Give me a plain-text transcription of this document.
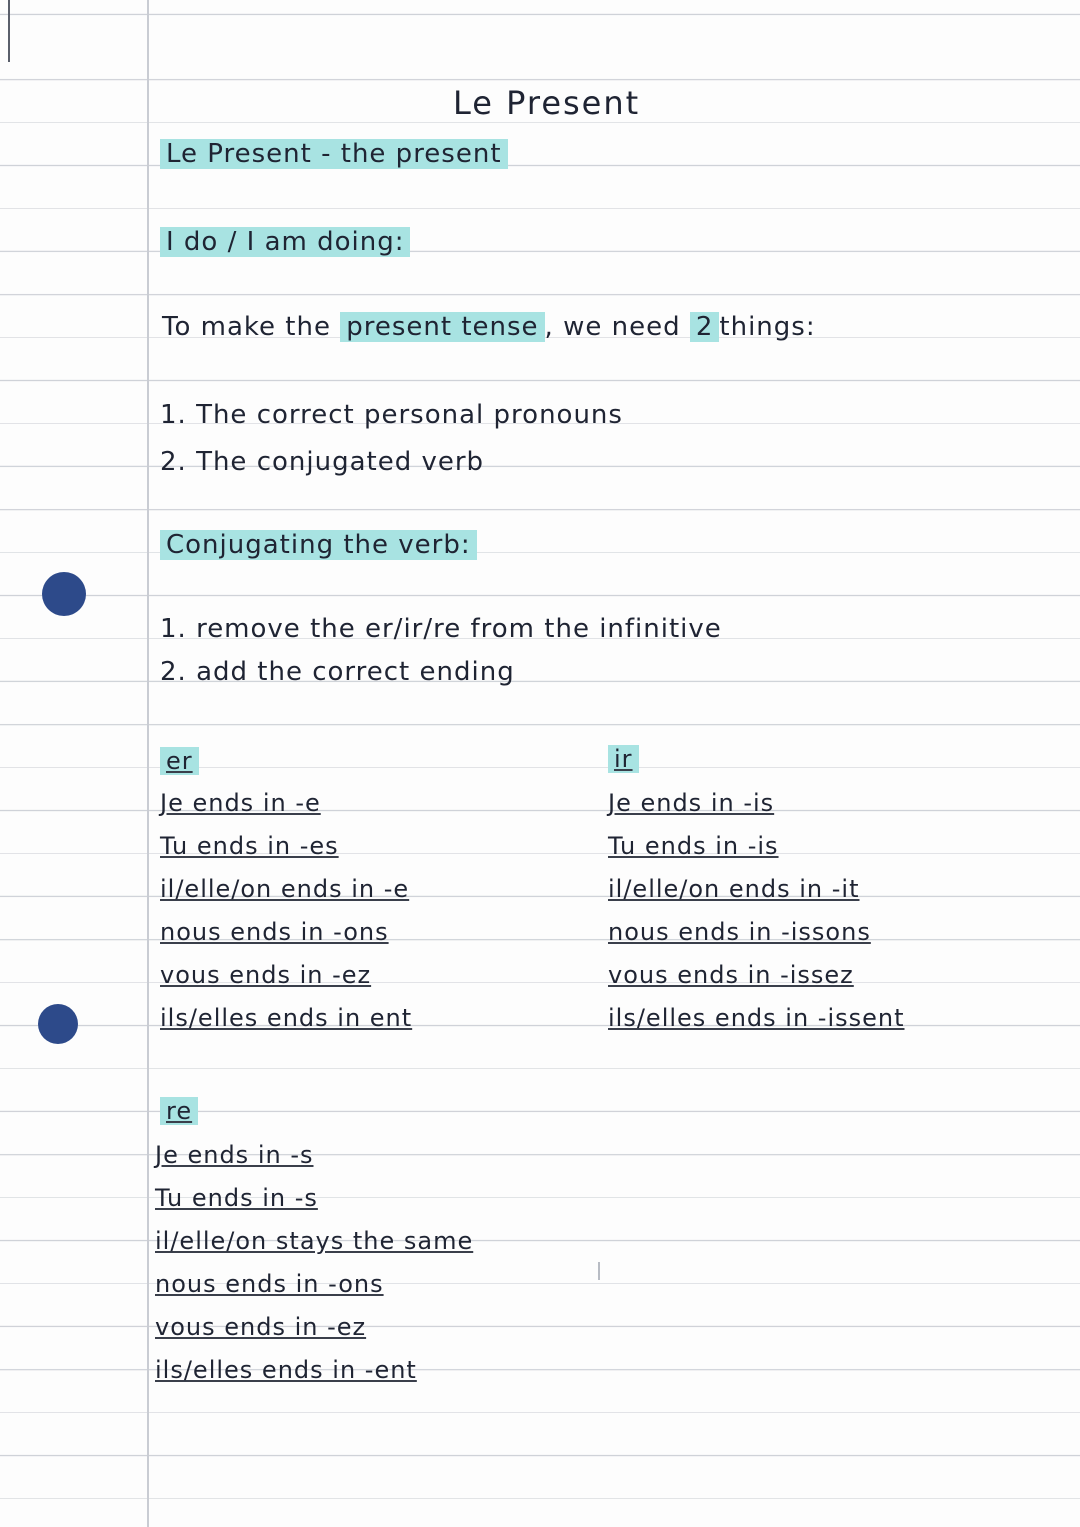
Le Present
Le Present - the present
I do / I am doing:
To make the present tense , we need 2 things:
1. The correct personal pronouns
2. The conjugated verb
Conjugating the verb:
1. remove the er/ir/re from the infinitive
2. add the correct ending
er
Je ends in -e
Tu ends in -es
il/elle/on ends in -e
nous ends in -ons
vous ends in -ez
ils/elles ends in ent
ir
Je ends in -is
Tu ends in -is
il/elle/on ends in -it
nous ends in -issons
vous ends in -issez
ils/elles ends in -issent
re
Je ends in -s
Tu ends in -s
il/elle/on stays the same
nous ends in -ons
vous ends in -ez
ils/elles ends in -ent
